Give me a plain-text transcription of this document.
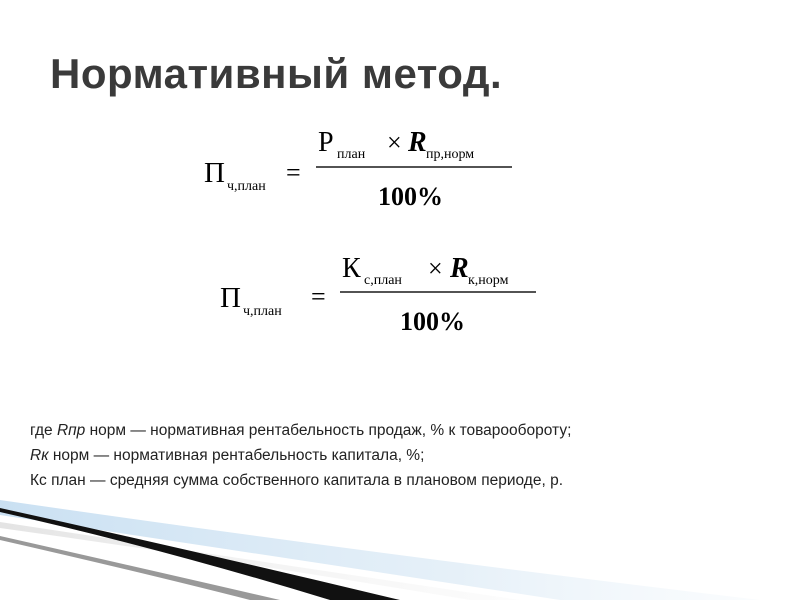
Нормативный метод.
П ч,план =
Р план × R пр,норм
100%
П ч,план
=
К с,план × R к,норм
100%
где Rпр норм — нормативная рентабельность продаж, % к товарообороту;
Rк норм — нормативная рентабельность капитала, %;
Кс план — средняя сумма собственного капитала в плановом периоде, р.
